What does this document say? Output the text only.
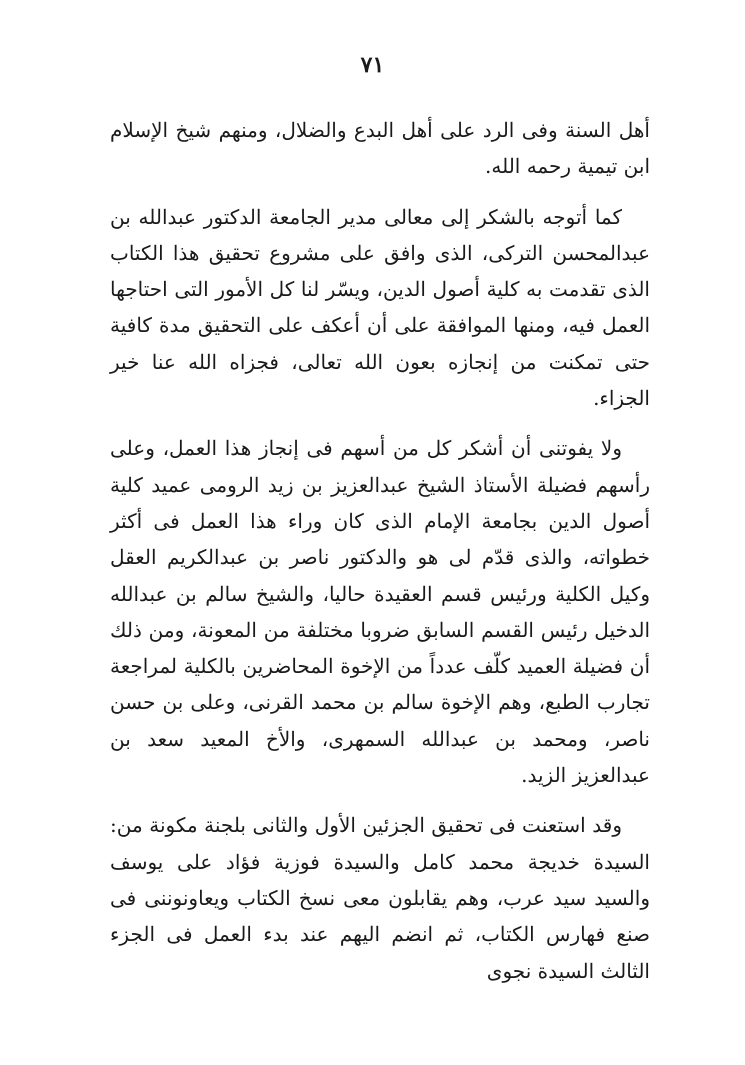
٧١

أهل السنة وفى الرد على أهل البدع والضلال، ومنهم شيخ الإسلام ابن تيمية رحمه الله.

كما أتوجه بالشكر إلى معالى مدير الجامعة الدكتور عبدالله بن عبدالمحسن التركى، الذى وافق على مشروع تحقيق هذا الكتاب الذى تقدمت به كلية أصول الدين، ويسّر لنا كل الأمور التى احتاجها العمل فيه، ومنها الموافقة على أن أعكف على التحقيق مدة كافية حتى تمكنت من إنجازه بعون الله تعالى، فجزاه الله عنا خير الجزاء.

ولا يفوتنى أن أشكر كل من أسهم فى إنجاز هذا العمل، وعلى رأسهم فضيلة الأستاذ الشيخ عبدالعزيز بن زيد الرومى عميد كلية أصول الدين بجامعة الإمام الذى كان وراء هذا العمل فى أكثر خطواته، والذى قدّم لى هو والدكتور ناصر بن عبدالكريم العقل وكيل الكلية ورئيس قسم العقيدة حاليا، والشيخ سالم بن عبدالله الدخيل رئيس القسم السابق ضروبا مختلفة من المعونة، ومن ذلك أن فضيلة العميد كلّف عدداً من الإخوة المحاضرين بالكلية لمراجعة تجارب الطبع، وهم الإخوة سالم بن محمد القرنى، وعلى بن حسن ناصر، ومحمد بن عبدالله السمهرى، والأخ المعيد سعد بن عبدالعزيز الزيد.

وقد استعنت فى تحقيق الجزئين الأول والثانى بلجنة مكونة من: السيدة خديجة محمد كامل والسيدة فوزية فؤاد على يوسف والسيد سيد عرب، وهم يقابلون معى نسخ الكتاب ويعاونوننى فى صنع فهارس الكتاب، ثم انضم اليهم عند بدء العمل فى الجزء الثالث السيدة نجوى
